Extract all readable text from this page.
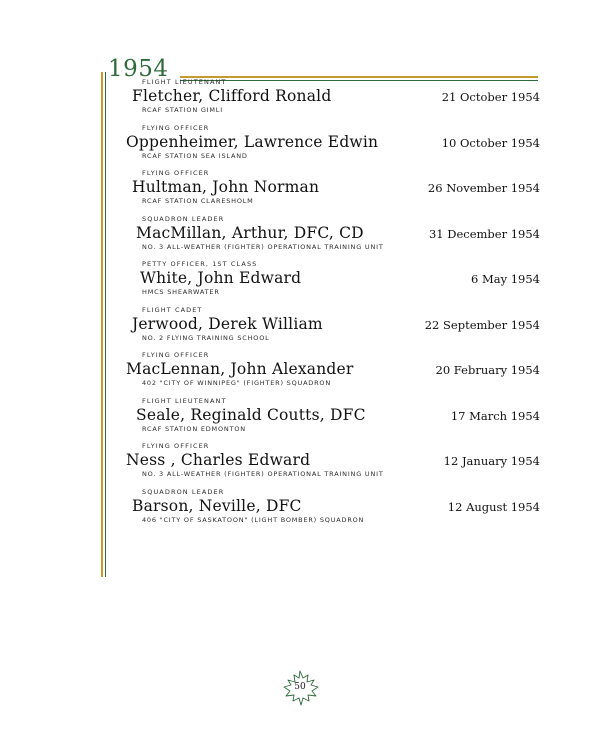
1954
FLIGHT LIEUTENANT
Fletcher, Clifford Ronald	21 October 1954
RCAF STATION GIMLI
FLYING OFFICER
Oppenheimer, Lawrence Edwin	10 October 1954
RCAF STATION SEA ISLAND
FLYING OFFICER
Hultman, John Norman	26 November 1954
RCAF STATION CLARESHOLM
SQUADRON LEADER
MacMillan, Arthur, DFC, CD	31 December 1954
NO. 3 ALL-WEATHER (FIGHTER) OPERATIONAL TRAINING UNIT
PETTY OFFICER, 1ST CLASS
White, John Edward	6 May 1954
HMCS SHEARWATER
FLIGHT CADET
Jerwood, Derek William	22 September 1954
NO. 2 FLYING TRAINING SCHOOL
FLYING OFFICER
MacLennan, John Alexander	20 February 1954
402 "CITY OF WINNIPEG" (FIGHTER) SQUADRON
FLIGHT LIEUTENANT
Seale, Reginald Coutts, DFC	17 March 1954
RCAF STATION EDMONTON
FLYING OFFICER
Ness , Charles Edward	12 January 1954
NO. 3 ALL-WEATHER (FIGHTER) OPERATIONAL TRAINING UNIT
SQUADRON LEADER
Barson, Neville, DFC	12 August 1954
406 "CITY OF SASKATOON" (LIGHT BOMBER) SQUADRON
50
